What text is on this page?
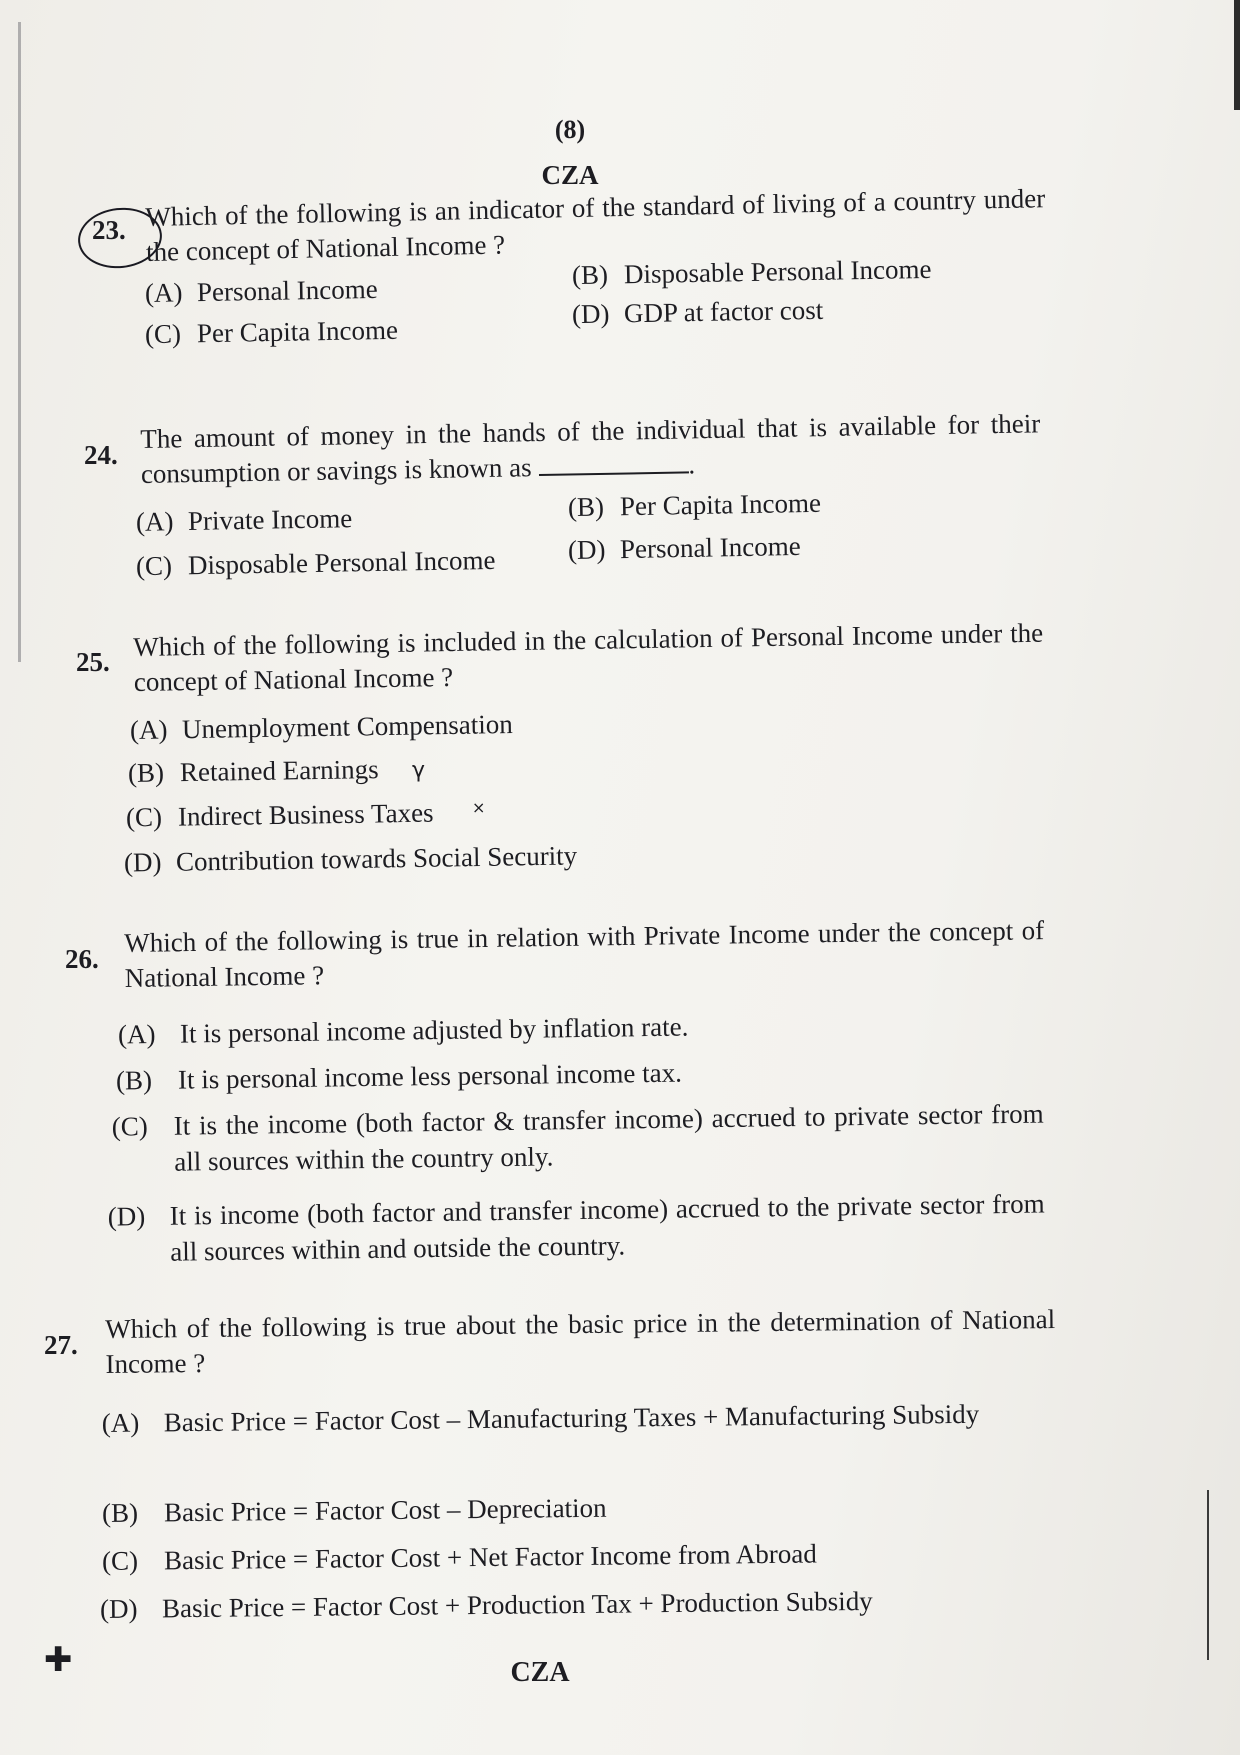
(8)
CZA
23. Which of the following is an indicator of the standard of living of a country under the concept of National Income ?
(A) Personal Income	(B) Disposable Personal Income
(C) Per Capita Income
(D) GDP at factor cost
24.
The amount of money in the hands of the individual that is available for their consumption or savings is known as	.
(A) Private Income	(B) Per Capita Income
(C) Disposable Personal Income	(D) Personal Income
25.
Which of the following is included in the calculation of Personal Income under the concept of National Income ?
(A) Unemployment Compensation
(B) Retained Earnings
(C) Indirect Business Taxes
(D) Contribution towards Social Security
γ
×
26.
Which of the following is true in relation with Private Income under the concept of National Income ?
(A) It is personal income adjusted by inflation rate.
(B) It is personal income less personal income tax.
(C) It is the income (both factor & transfer income) accrued to private sector from all sources within the country only.
(D) It is income (both factor and transfer income) accrued to the private sector from all sources within and outside the country.
27.
Which of the following is true about the basic price in the determination of National Income ?
(A) Basic Price = Factor Cost – Manufacturing Taxes + Manufacturing Subsidy
(B) Basic Price = Factor Cost – Depreciation
(C) Basic Price = Factor Cost + Net Factor Income from Abroad
(D) Basic Price = Factor Cost + Production Tax + Production Subsidy
✚	CZA
